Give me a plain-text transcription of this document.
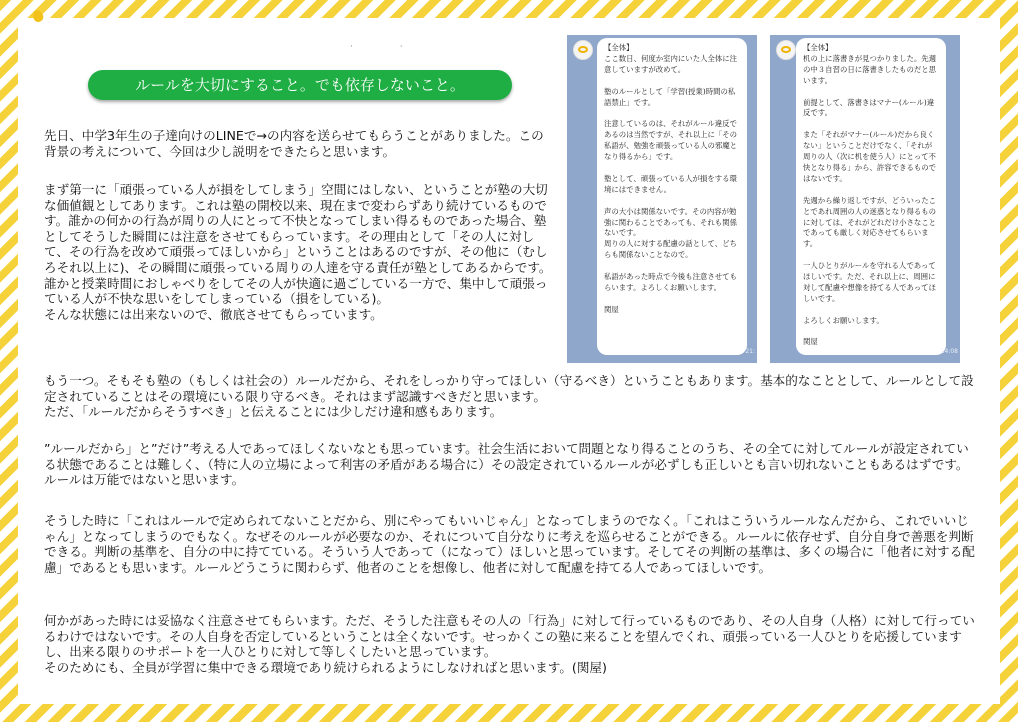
· ·
ルールを大切にすること。でも依存しないこと。

先日、中学3年生の子達向けのLINEで→の内容を送らせてもらうことがありました。この背景の考えについて、今回は少し説明をできたらと思います。

まず第一に「頑張っている人が損をしてしまう」空間にはしない、ということが塾の大切な価値観としてあります。これは塾の開校以来、現在まで変わらずあり続けているものです。誰かの何かの行為が周りの人にとって不快となってしまい得るものであった場合、塾としてそうした瞬間には注意をさせてもらっています。その理由として「その人に対して、その行為を改めて頑張ってほしいから」ということはあるのですが、その他に（むしろそれ以上に)、その瞬間に頑張っている周りの人達を守る責任が塾としてあるからです。誰かと授業時間におしゃべりをしてその人が快適に過ごしている一方で、集中して頑張っている人が不快な思いをしてしまっている（損をしている)。
そんな状態には出来ないので、徹底させてもらっています。

もう一つ。そもそも塾の（もしくは社会の）ルールだから、それをしっかり守ってほしい（守るべき）ということもあります。基本的なこととして、ルールとして設定されていることはその環境にいる限り守るべき。それはまず認識すべきだと思います。
ただ、「ルールだからそうすべき」と伝えることには少しだけ違和感もあります。

”ルールだから」と”だけ”考える人であってほしくないなとも思っています。社会生活において問題となり得ることのうち、その全てに対してルールが設定されている状態であることは難しく、（特に人の立場によって利害の矛盾がある場合に）その設定されているルールが必ずしも正しいとも言い切れないこともあるはずです。ルールは万能ではないと思います。

そうした時に「これはルールで定められてないことだから、別にやってもいいじゃん」となってしまうのでなく。「これはこういうルールなんだから、これでいいじゃん」となってしまうのでもなく。なぜそのルールが必要なのか、それについて自分なりに考えを巡らせることができる。ルールに依存せず、自分自身で善悪を判断できる。判断の基準を、自分の中に持てている。そういう人であって（になって）ほしいと思っています。そしてその判断の基準は、多くの場合に「他者に対する配慮」であるとも思います。ルールどうこうに関わらず、他者のことを想像し、他者に対して配慮を持てる人であってほしいです。

何かがあった時には妥協なく注意させてもらいます。ただ、そうした注意もその人の「行為」に対して行っているものであり、その人自身（人格）に対して行っているわけではないです。その人自身を否定しているということは全くないです。せっかくこの塾に来ることを望んでくれ、頑張っている一人ひとりを応援していますし、出来る限りのサポートを一人ひとりに対して等しくしたいと思っています。
そのためにも、全員が学習に集中できる環境であり続けられるようにしなければと思います。(関屋)

【全体】
ここ数日、何度か室内にいた人全体に注意していますが改めて。

塾のルールとして「学習(授業)時間の私語禁止」です。

注意しているのは、それがルール違反であるのは当然ですが、それ以上に「その私語が、勉強を頑張っている人の邪魔となり得るから」です。

塾として、頑張っている人が損をする環境にはできません。

声の大小は関係ないです。その内容が勉強に関わることであっても、それも関係ないです。
周りの人に対する配慮の話として、どちらも関係ないことなので。

私語があった時点で今後も注意させてもらいます。よろしくお願いします。

関屋
21:
【全体】
机の上に落書きが見つかりました。先週の中３自習の日に落書きしたものだと思います。

前提として、落書きはマナー(ルール)違反です。

また「それがマナー(ルール)だから良くない」ということだけでなく、「それが周りの人（次に机を使う人）にとって不快となり得る」から、許容できるものではないです。

先週から繰り返しですが、どういったことであれ周囲の人の迷惑となり得るものに対しては、それがどれだけ小さなことであっても厳しく対応させてもらいます。

一人ひとりがルールを守れる人であってほしいです。ただ、それ以上に、周囲に対して配慮や想像を持てる人であってほしいです。

よろしくお願いします。

関屋
14:08
